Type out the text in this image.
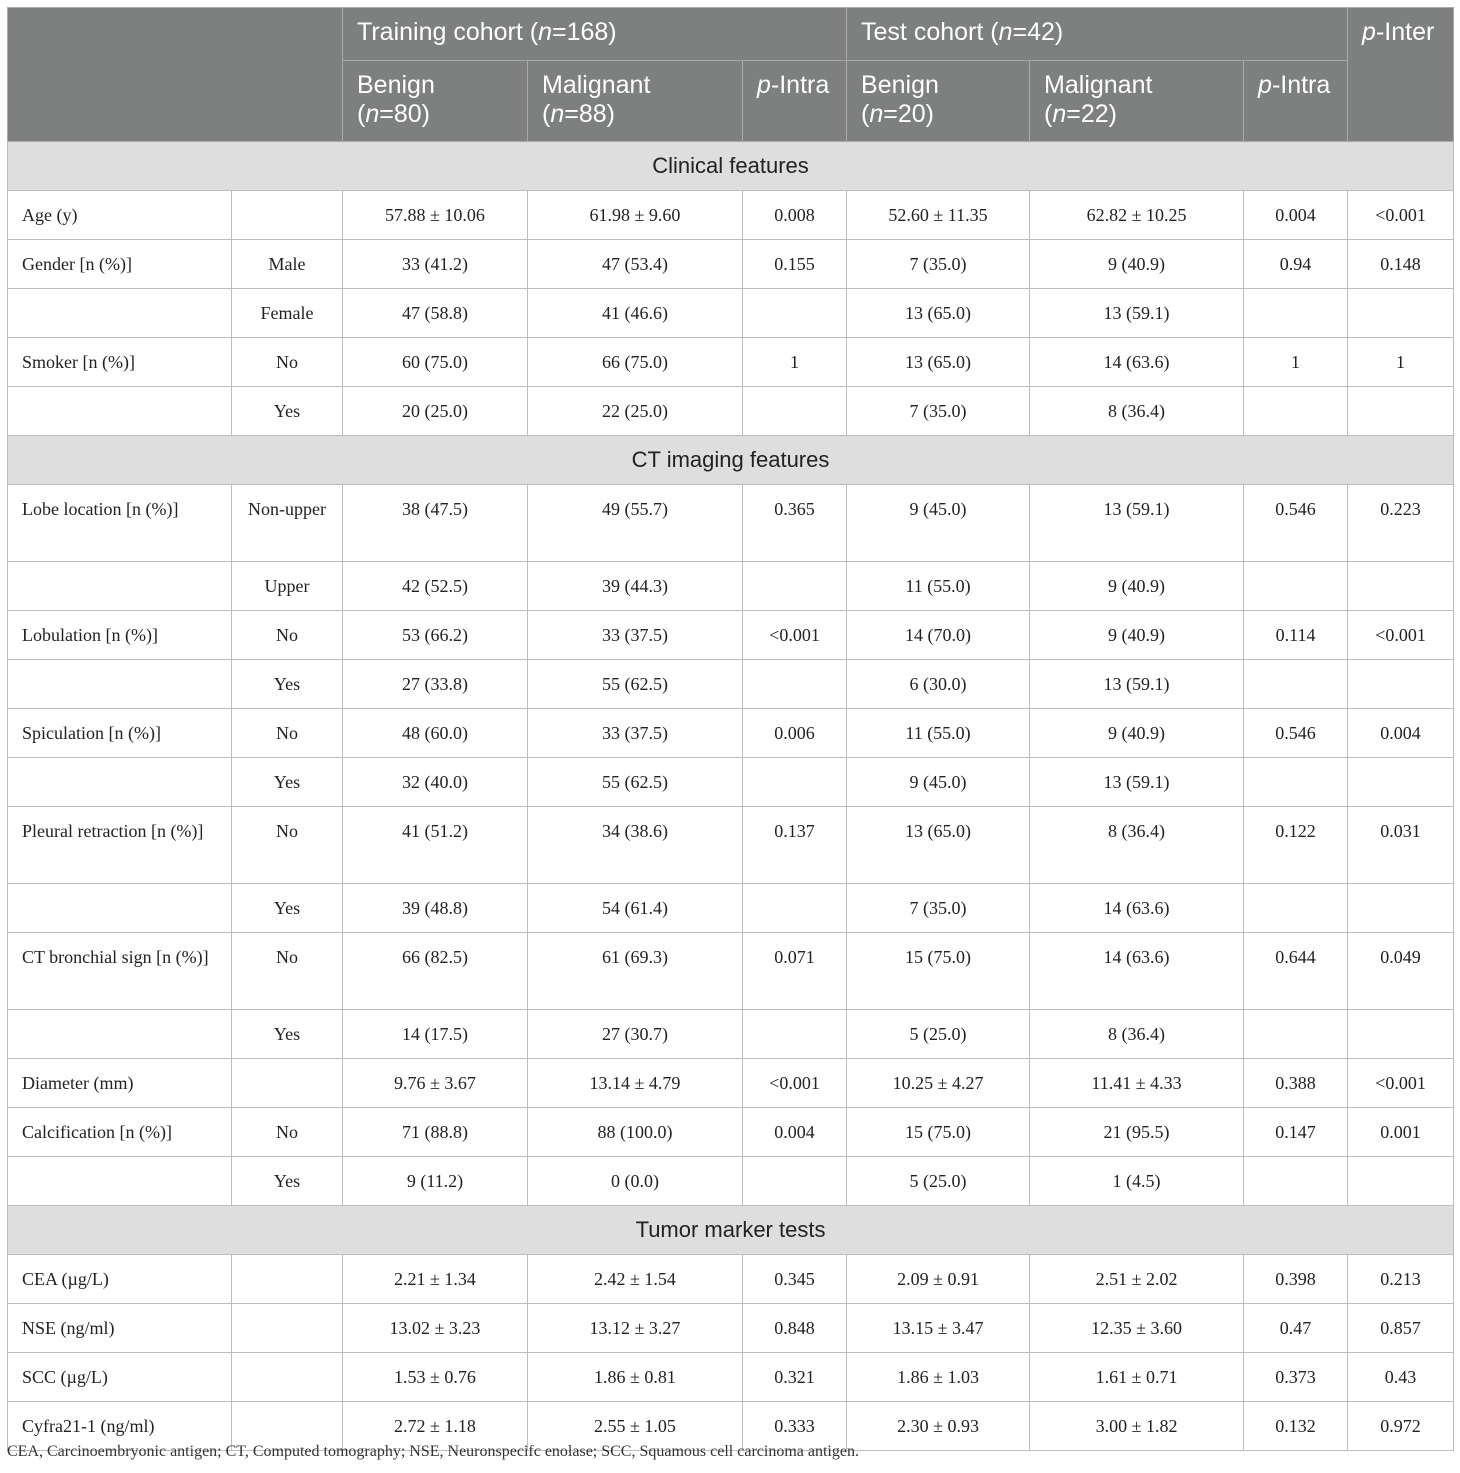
		Training cohort (n=168)			Test cohort (n=42)			p-Inter
		Benign (n=80)	Malignant (n=88)	p-Intra	Benign (n=20)	Malignant (n=22)	p-Intra	
Clinical features								
Age (y)		57.88 ± 10.06	61.98 ± 9.60	0.008	52.60 ± 11.35	62.82 ± 10.25	0.004	<0.001
Gender [n (%)]	Male	33 (41.2)	47 (53.4)	0.155	7 (35.0)	9 (40.9)	0.94	0.148
	Female	47 (58.8)	41 (46.6)		13 (65.0)	13 (59.1)		
Smoker [n (%)]	No	60 (75.0)	66 (75.0)	1	13 (65.0)	14 (63.6)	1	1
	Yes	20 (25.0)	22 (25.0)		7 (35.0)	8 (36.4)		
CT imaging features								
Lobe location [n (%)]	Non-upper	38 (47.5)	49 (55.7)	0.365	9 (45.0)	13 (59.1)	0.546	0.223
	Upper	42 (52.5)	39 (44.3)		11 (55.0)	9 (40.9)		
Lobulation [n (%)]	No	53 (66.2)	33 (37.5)	<0.001	14 (70.0)	9 (40.9)	0.114	<0.001
	Yes	27 (33.8)	55 (62.5)		6 (30.0)	13 (59.1)		
Spiculation [n (%)]	No	48 (60.0)	33 (37.5)	0.006	11 (55.0)	9 (40.9)	0.546	0.004
	Yes	32 (40.0)	55 (62.5)		9 (45.0)	13 (59.1)		
Pleural retraction [n (%)]	No	41 (51.2)	34 (38.6)	0.137	13 (65.0)	8 (36.4)	0.122	0.031
	Yes	39 (48.8)	54 (61.4)		7 (35.0)	14 (63.6)		
CT bronchial sign [n (%)]	No	66 (82.5)	61 (69.3)	0.071	15 (75.0)	14 (63.6)	0.644	0.049
	Yes	14 (17.5)	27 (30.7)		5 (25.0)	8 (36.4)		
Diameter (mm)		9.76 ± 3.67	13.14 ± 4.79	<0.001	10.25 ± 4.27	11.41 ± 4.33	0.388	<0.001
Calcification [n (%)]	No	71 (88.8)	88 (100.0)	0.004	15 (75.0)	21 (95.5)	0.147	0.001
	Yes	9 (11.2)	0 (0.0)		5 (25.0)	1 (4.5)		
Tumor marker tests								
CEA (µg/L)		2.21 ± 1.34	2.42 ± 1.54	0.345	2.09 ± 0.91	2.51 ± 2.02	0.398	0.213
NSE (ng/ml)		13.02 ± 3.23	13.12 ± 3.27	0.848	13.15 ± 3.47	12.35 ± 3.60	0.47	0.857
SCC (µg/L)		1.53 ± 0.76	1.86 ± 0.81	0.321	1.86 ± 1.03	1.61 ± 0.71	0.373	0.43
Cyfra21-1 (ng/ml)		2.72 ± 1.18	2.55 ± 1.05	0.333	2.30 ± 0.93	3.00 ± 1.82	0.132	0.972
CEA, Carcinoembryonic antigen; CT, Computed tomography; NSE, Neuronspecifc enolase; SCC, Squamous cell carcinoma antigen.
